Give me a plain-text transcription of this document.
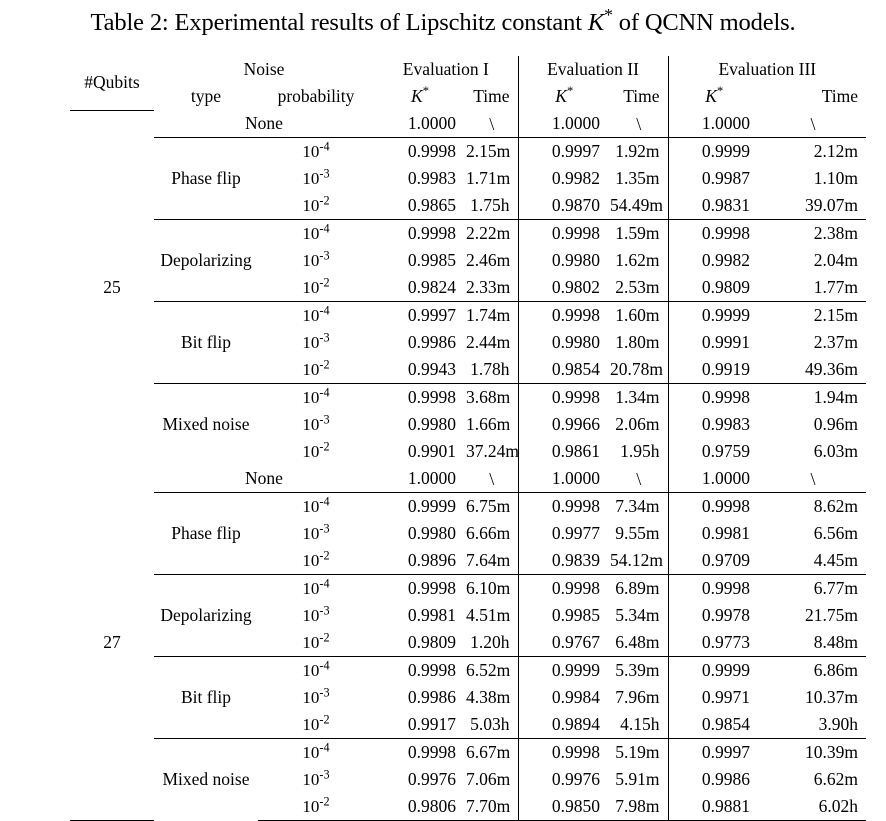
Table 2: Experimental results of Lipschitz constant K* of QCNN models.
#Qubits	Noise		Evaluation I		Evaluation II		Evaluation III	
	type	probability	K*	Time	K*	Time	K*	Time
25	None		1.0000	\	1.0000	\	1.0000	\
	Phase flip	$10^{-4}$	0.9998	2.15m	0.9997	1.92m	0.9999	2.12m
		$10^{-3}$	0.9983	1.71m	0.9982	1.35m	0.9987	1.10m
		$10^{-2}$	0.9865	1.75h	0.9870	54.49m	0.9831	39.07m
	Depolarizing	$10^{-4}$	0.9998	2.22m	0.9998	1.59m	0.9998	2.38m
		$10^{-3}$	0.9985	2.46m	0.9980	1.62m	0.9982	2.04m
		$10^{-2}$	0.9824	2.33m	0.9802	2.53m	0.9809	1.77m
	Bit flip	$10^{-4}$	0.9997	1.74m	0.9998	1.60m	0.9999	2.15m
		$10^{-3}$	0.9986	2.44m	0.9980	1.80m	0.9991	2.37m
		$10^{-2}$	0.9943	1.78h	0.9854	20.78m	0.9919	49.36m
	Mixed noise	$10^{-4}$	0.9998	3.68m	0.9998	1.34m	0.9998	1.94m
		$10^{-3}$	0.9980	1.66m	0.9966	2.06m	0.9983	0.96m
		$10^{-2}$	0.9901	37.24m	0.9861	1.95h	0.9759	6.03m
27	None		1.0000	\	1.0000	\	1.0000	\
	Phase flip	$10^{-4}$	0.9999	6.75m	0.9998	7.34m	0.9998	8.62m
		$10^{-3}$	0.9980	6.66m	0.9977	9.55m	0.9981	6.56m
		$10^{-2}$	0.9896	7.64m	0.9839	54.12m	0.9709	4.45m
	Depolarizing	$10^{-4}$	0.9998	6.10m	0.9998	6.89m	0.9998	6.77m
		$10^{-3}$	0.9981	4.51m	0.9985	5.34m	0.9978	21.75m
		$10^{-2}$	0.9809	1.20h	0.9767	6.48m	0.9773	8.48m
	Bit flip	$10^{-4}$	0.9998	6.52m	0.9999	5.39m	0.9999	6.86m
		$10^{-3}$	0.9986	4.38m	0.9984	7.96m	0.9971	10.37m
		$10^{-2}$	0.9917	5.03h	0.9894	4.15h	0.9854	3.90h
	Mixed noise	$10^{-4}$	0.9998	6.67m	0.9998	5.19m	0.9997	10.39m
		$10^{-3}$	0.9976	7.06m	0.9976	5.91m	0.9986	6.62m
		$10^{-2}$	0.9806	7.70m	0.9850	7.98m	0.9881	6.02h
